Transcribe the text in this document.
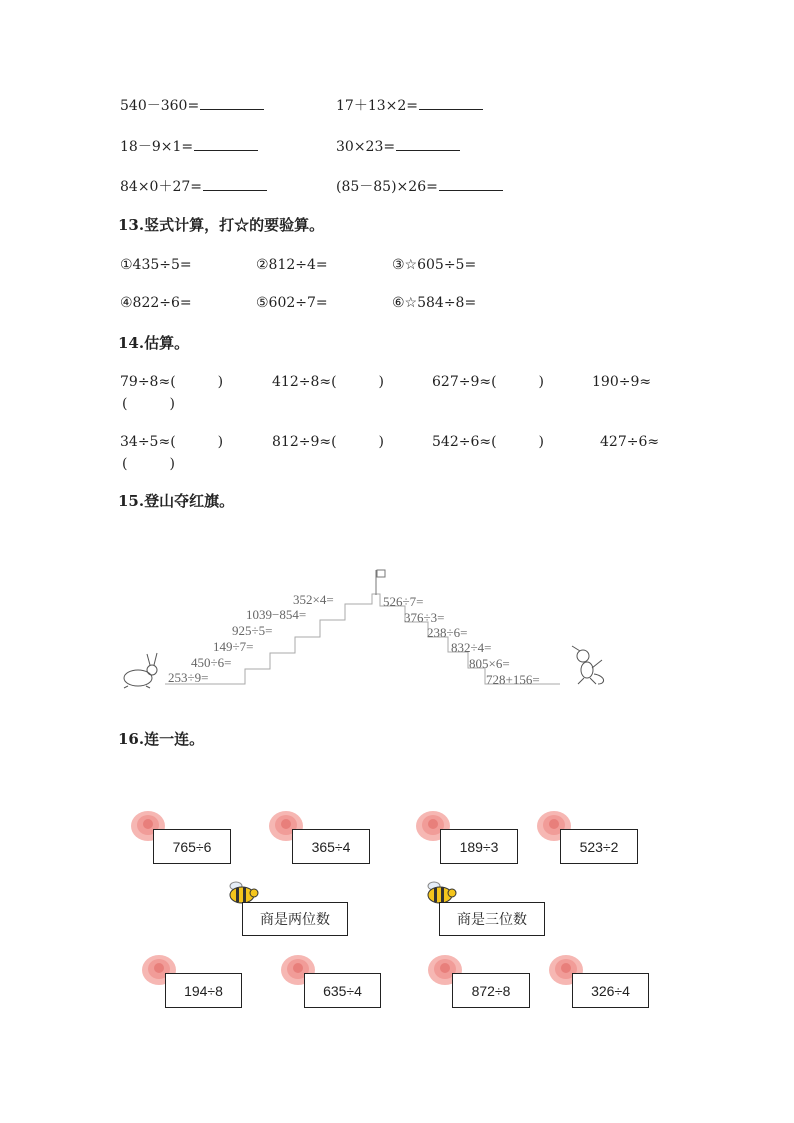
540－360=	17＋13×2=
18－9×1=	30×23=
84×0＋27=	(85－85)×26=
13.竖式计算，打☆的要验算。
①435÷5=	②812÷4=	③☆605÷5=
④822÷6=	⑤602÷7=	⑥☆584÷8=
14.估算。
79÷8≈(　　　)	412÷8≈(　　　)	627÷9≈(　　　)	190÷9≈
(　　　)
34÷5≈(　　　)	812÷9≈(　　　)	542÷6≈(　　　)	427÷6≈
(　　　)
15.登山夺红旗。
253÷9=
450÷6=
149÷7=
925÷5=
1039−854=
352×4=	526÷7=
376÷3=
238÷6=
832÷4=
805×6=
728+156=
16.连一连。
765÷6	365÷4	189÷3	523÷2
商是两位数	商是三位数
194÷8	635÷4	872÷8	326÷4
